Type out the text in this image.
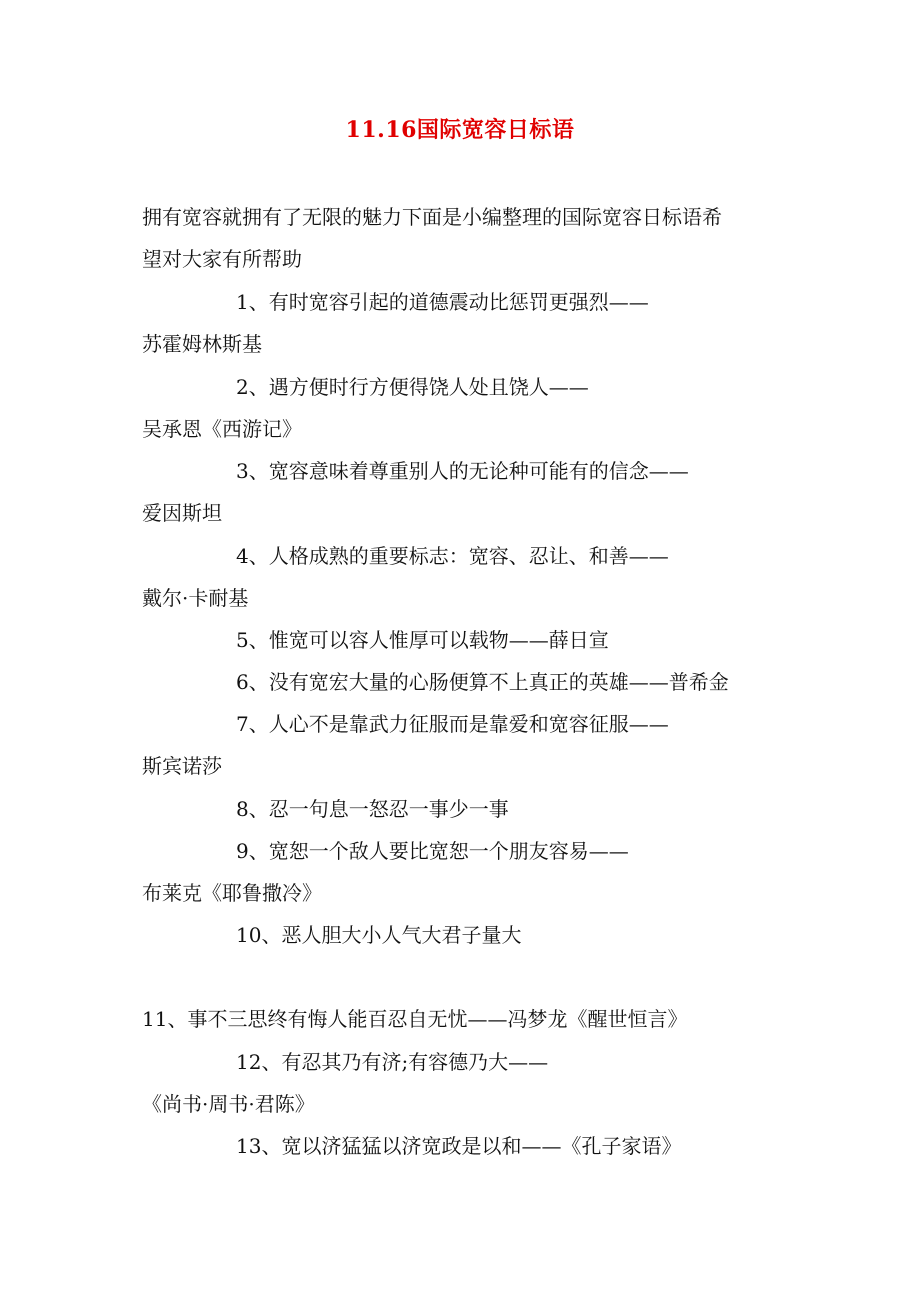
11.16国际宽容日标语
拥有宽容就拥有了无限的魅力下面是小编整理的国际宽容日标语希
望对大家有所帮助
1、有时宽容引起的道德震动比惩罚更强烈——
苏霍姆林斯基
2、遇方便时行方便得饶人处且饶人——
吴承恩《西游记》
3、宽容意味着尊重别人的无论种可能有的信念——
爱因斯坦
4、人格成熟的重要标志：宽容、忍让、和善——
戴尔·卡耐基
5、惟宽可以容人惟厚可以载物——薛日宣
6、没有宽宏大量的心肠便算不上真正的英雄——普希金
7、人心不是靠武力征服而是靠爱和宽容征服——
斯宾诺莎
8、忍一句息一怒忍一事少一事
9、宽恕一个敌人要比宽恕一个朋友容易——
布莱克《耶鲁撒冷》
10、恶人胆大小人气大君子量大
11、事不三思终有悔人能百忍自无忧——冯梦龙《醒世恒言》
12、有忍其乃有济;有容德乃大——
《尚书·周书·君陈》
13、宽以济猛猛以济宽政是以和——《孔子家语》
